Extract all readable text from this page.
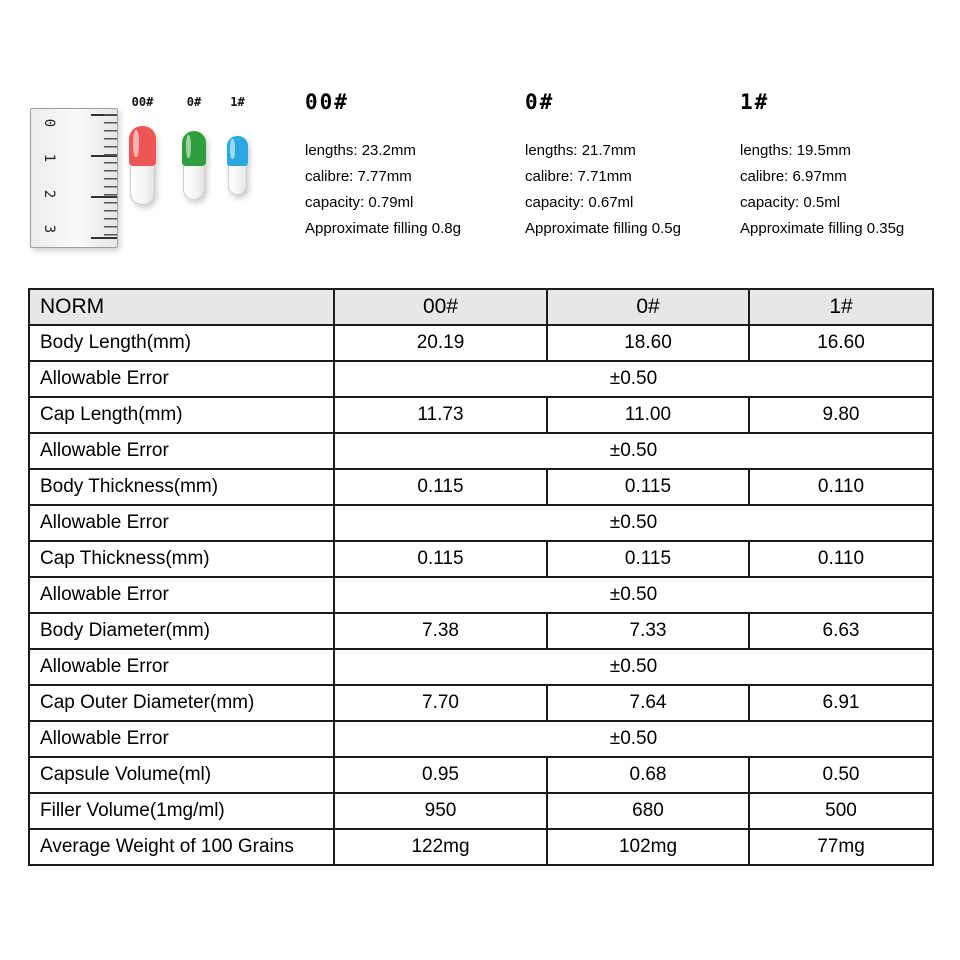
0
1
2
3
00#	0# 1#	00#
lengths: 23.2mm
calibre: 7.77mm
capacity: 0.79ml
Approximate filling 0.8g
0#
lengths: 21.7mm
calibre: 7.71mm
capacity: 0.67ml
Approximate filling 0.5g
1#
lengths: 19.5mm
calibre: 6.97mm
capacity: 0.5ml
Approximate filling 0.35g
NORM	00#	0#	1#
Body Length(mm)	20.19	18.60	16.60
Allowable Error	±0.50		
Cap Length(mm)	11.73	11.00	9.80
Allowable Error	±0.50		
Body Thickness(mm)	0.115	0.115	0.110
Allowable Error	±0.50		
Cap Thickness(mm)	0.115	0.115	0.110
Allowable Error	±0.50		
Body Diameter(mm)	7.38	7.33	6.63
Allowable Error	±0.50		
Cap Outer Diameter(mm)	7.70	7.64	6.91
Allowable Error	±0.50		
Capsule Volume(ml)	0.95	0.68	0.50
Filler Volume(1mg/ml)	950	680	500
Average Weight of 100 Grains	122mg	102mg	77mg
